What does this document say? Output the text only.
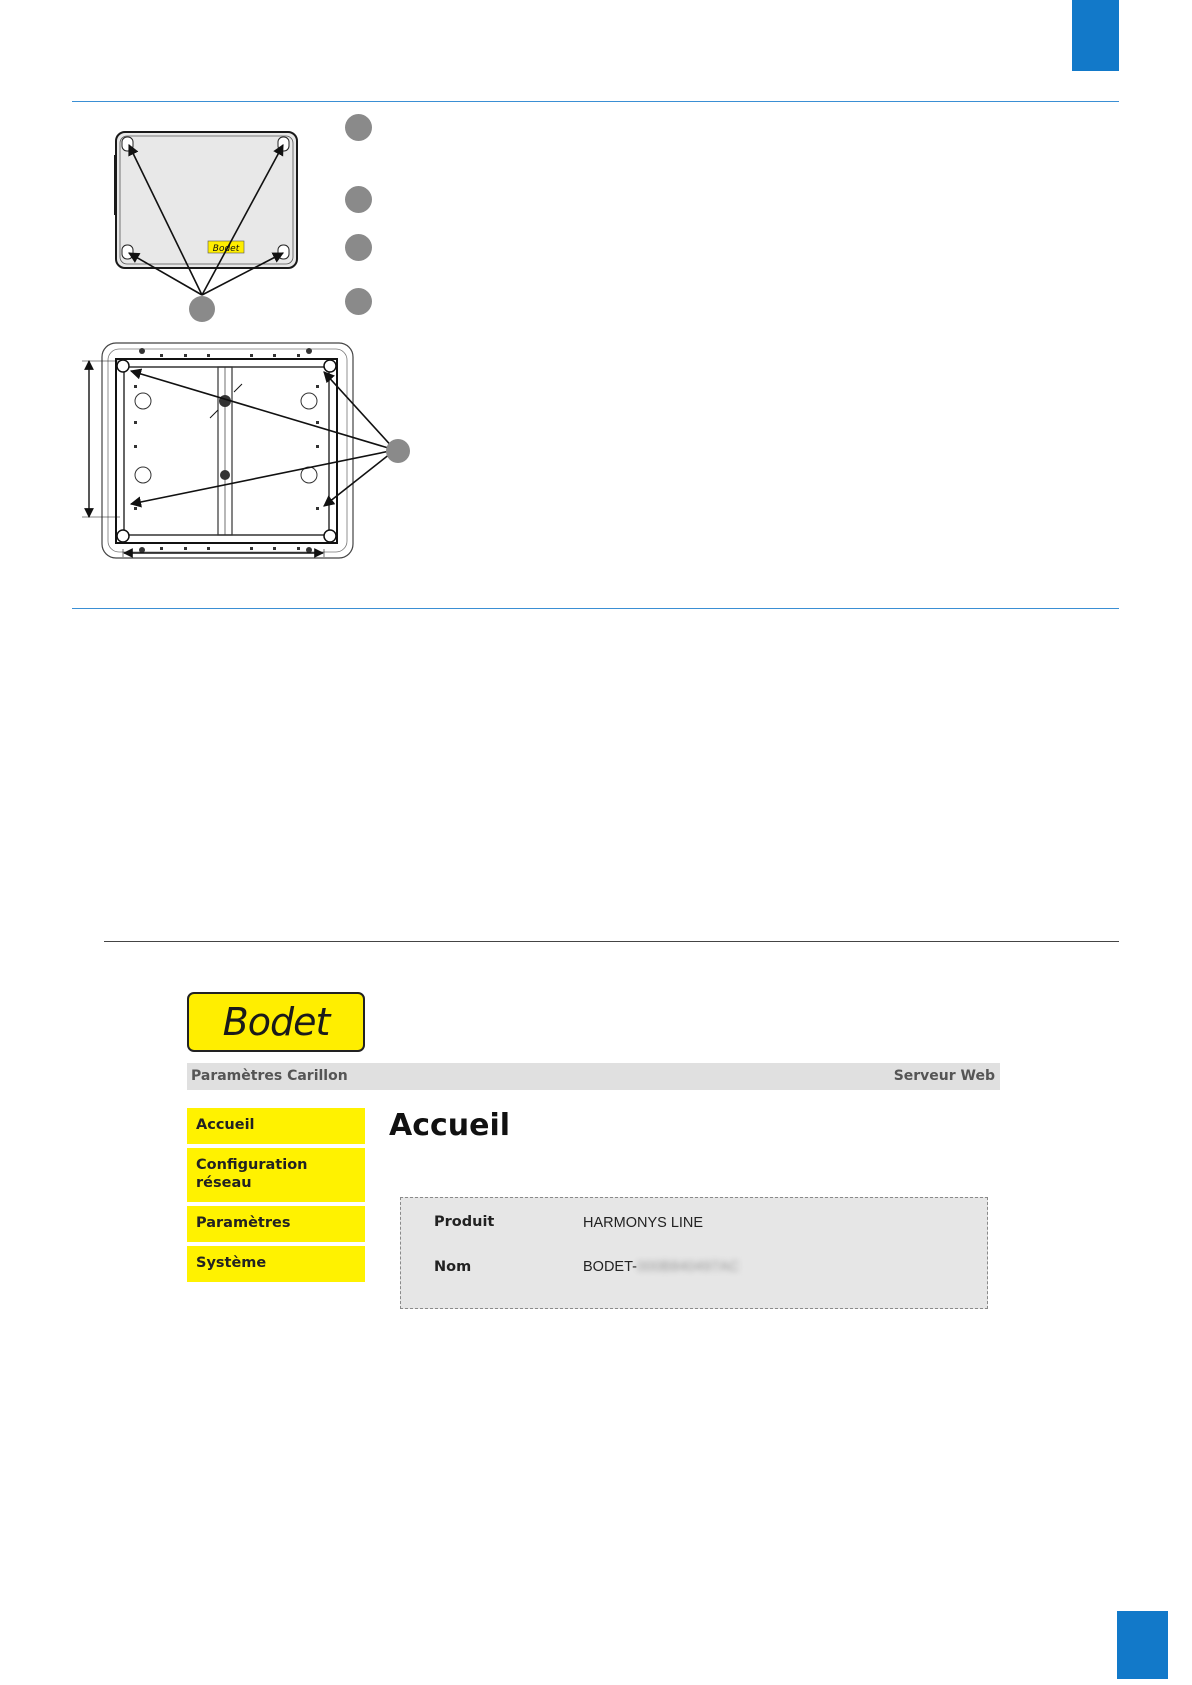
Bodet
Bodet
Paramètres Carillon	Serveur Web
Accueil
Configuration réseau
Paramètres
Système
Accueil
Produit	HARMONYS LINE
Nom	BODET-000B840497AC
